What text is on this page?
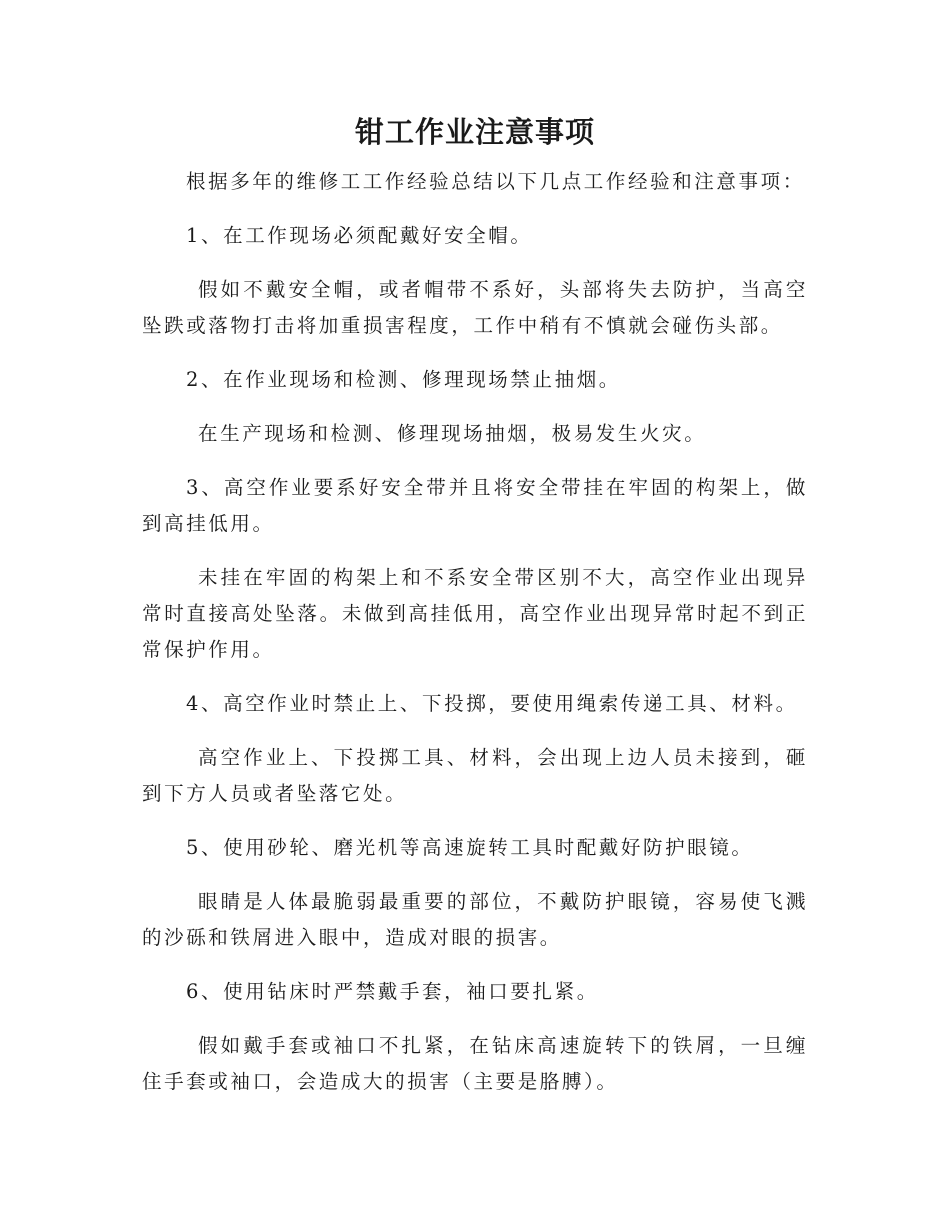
钳工作业注意事项

根据多年的维修工工作经验总结以下几点工作经验和注意事项：

1、在工作现场必须配戴好安全帽。

假如不戴安全帽，或者帽带不系好，头部将失去防护，当高空坠跌或落物打击将加重损害程度，工作中稍有不慎就会碰伤头部。

2、在作业现场和检测、修理现场禁止抽烟。

在生产现场和检测、修理现场抽烟，极易发生火灾。

3、高空作业要系好安全带并且将安全带挂在牢固的构架上，做到高挂低用。

未挂在牢固的构架上和不系安全带区别不大，高空作业出现异常时直接高处坠落。未做到高挂低用，高空作业出现异常时起不到正常保护作用。

4、高空作业时禁止上、下投掷，要使用绳索传递工具、材料。

高空作业上、下投掷工具、材料，会出现上边人员未接到，砸到下方人员或者坠落它处。

5、使用砂轮、磨光机等高速旋转工具时配戴好防护眼镜。

眼睛是人体最脆弱最重要的部位，不戴防护眼镜，容易使飞溅的沙砾和铁屑进入眼中，造成对眼的损害。

6、使用钻床时严禁戴手套，袖口要扎紧。

假如戴手套或袖口不扎紧，在钻床高速旋转下的铁屑，一旦缠住手套或袖口，会造成大的损害（主要是胳膊）。
